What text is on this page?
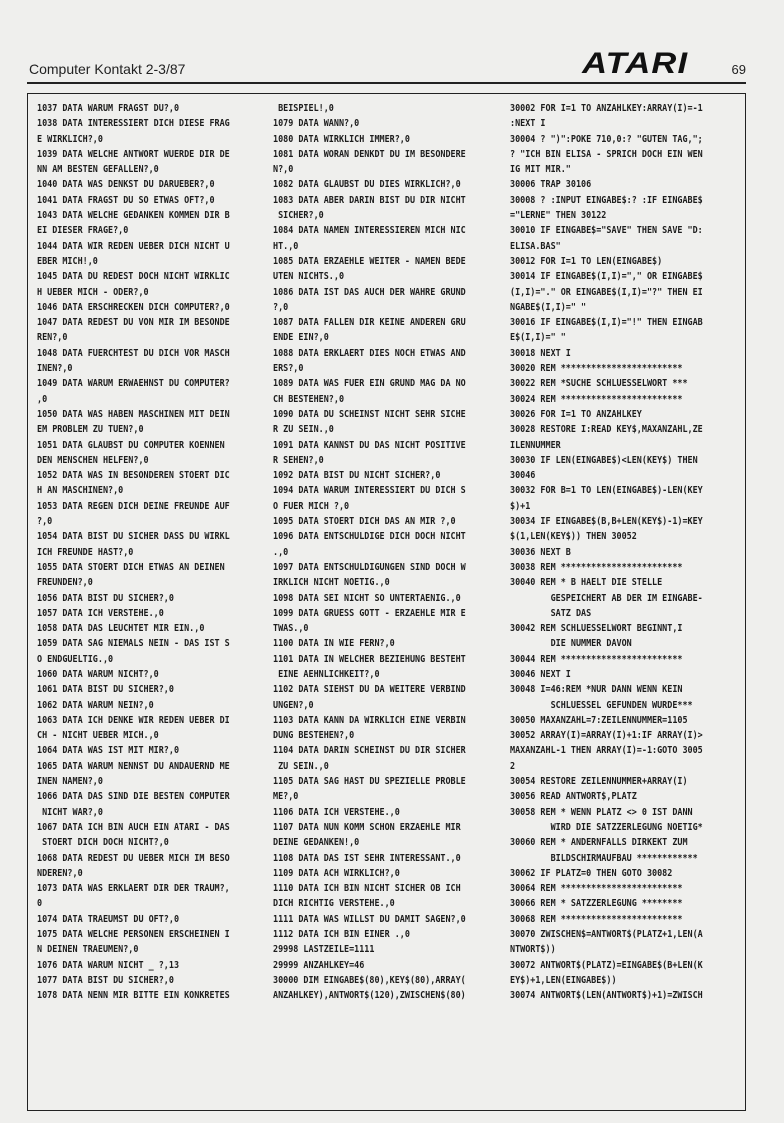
Computer Kontakt 2-3/87	ATARI	69
1037 DATA WARUM FRAGST DU?,0
1038 DATA INTERESSIERT DICH DIESE FRAG
E WIRKLICH?,0
1039 DATA WELCHE ANTWORT WUERDE DIR DE
NN AM BESTEN GEFALLEN?,0
1040 DATA WAS DENKST DU DARUEBER?,0
1041 DATA FRAGST DU SO ETWAS OFT?,0
1043 DATA WELCHE GEDANKEN KOMMEN DIR B
EI DIESER FRAGE?,0
1044 DATA WIR REDEN UEBER DICH NICHT U
EBER MICH!,0
1045 DATA DU REDEST DOCH NICHT WIRKLIC
H UEBER MICH - ODER?,0
1046 DATA ERSCHRECKEN DICH COMPUTER?,0
1047 DATA REDEST DU VON MIR IM BESONDE
REN?,0
1048 DATA FUERCHTEST DU DICH VOR MASCH
INEN?,0
1049 DATA WARUM ERWAEHNST DU COMPUTER?
,0
1050 DATA WAS HABEN MASCHINEN MIT DEIN
EM PROBLEM ZU TUEN?,0
1051 DATA GLAUBST DU COMPUTER KOENNEN
DEN MENSCHEN HELFEN?,0
1052 DATA WAS IN BESONDEREN STOERT DIC
H AN MASCHINEN?,0
1053 DATA REGEN DICH DEINE FREUNDE AUF
?,0
1054 DATA BIST DU SICHER DASS DU WIRKL
ICH FREUNDE HAST?,0
1055 DATA STOERT DICH ETWAS AN DEINEN
FREUNDEN?,0
1056 DATA BIST DU SICHER?,0
1057 DATA ICH VERSTEHE.,0
1058 DATA DAS LEUCHTET MIR EIN.,0
1059 DATA SAG NIEMALS NEIN - DAS IST S
O ENDGUELTIG.,0
1060 DATA WARUM NICHT?,0
1061 DATA BIST DU SICHER?,0
1062 DATA WARUM NEIN?,0
1063 DATA ICH DENKE WIR REDEN UEBER DI
CH - NICHT UEBER MICH.,0
1064 DATA WAS IST MIT MIR?,0
1065 DATA WARUM NENNST DU ANDAUERND ME
INEN NAMEN?,0
1066 DATA DAS SIND DIE BESTEN COMPUTER
NICHT WAR?,0
1067 DATA ICH BIN AUCH EIN ATARI - DAS
STOERT DICH DOCH NICHT?,0
1068 DATA REDEST DU UEBER MICH IM BESO
NDEREN?,0
1073 DATA WAS ERKLAERT DIR DER TRAUM?,
0
1074 DATA TRAEUMST DU OFT?,0
1075 DATA WELCHE PERSONEN ERSCHEINEN I
N DEINEN TRAEUMEN?,0
1076 DATA WARUM NICHT _ ?,13
1077 DATA BIST DU SICHER?,0
1078 DATA NENN MIR BITTE EIN KONKRETES
BEISPIEL!,0
1079 DATA WANN?,0
1080 DATA WIRKLICH IMMER?,0
1081 DATA WORAN DENKDT DU IM BESONDERE
N?,0
1082 DATA GLAUBST DU DIES WIRKLICH?,0
1083 DATA ABER DARIN BIST DU DIR NICHT
SICHER?,0
1084 DATA NAMEN INTERESSIEREN MICH NIC
HT.,0
1085 DATA ERZAEHLE WEITER - NAMEN BEDE
UTEN NICHTS.,0
1086 DATA IST DAS AUCH DER WAHRE GRUND
?,0
1087 DATA FALLEN DIR KEINE ANDEREN GRU
ENDE EIN?,0
1088 DATA ERKLAERT DIES NOCH ETWAS AND
ERS?,0
1089 DATA WAS FUER EIN GRUND MAG DA NO
CH BESTEHEN?,0
1090 DATA DU SCHEINST NICHT SEHR SICHE
R ZU SEIN.,0
1091 DATA KANNST DU DAS NICHT POSITIVE
R SEHEN?,0
1092 DATA BIST DU NICHT SICHER?,0
1094 DATA WARUM INTERESSIERT DU DICH S
O FUER MICH ?,0
1095 DATA STOERT DICH DAS AN MIR ?,0
1096 DATA ENTSCHULDIGE DICH DOCH NICHT
.,0
1097 DATA ENTSCHULDIGUNGEN SIND DOCH W
IRKLICH NICHT NOETIG.,0
1098 DATA SEI NICHT SO UNTERTAENIG.,0
1099 DATA GRUESS GOTT - ERZAEHLE MIR E
TWAS.,0
1100 DATA IN WIE FERN?,0
1101 DATA IN WELCHER BEZIEHUNG BESTEHT
EINE AEHNLICHKEIT?,0
1102 DATA SIEHST DU DA WEITERE VERBIND
UNGEN?,0
1103 DATA KANN DA WIRKLICH EINE VERBIN
DUNG BESTEHEN?,0
1104 DATA DARIN SCHEINST DU DIR SICHER
ZU SEIN.,0
1105 DATA SAG HAST DU SPEZIELLE PROBLE
ME?,0
1106 DATA ICH VERSTEHE.,0
1107 DATA NUN KOMM SCHON ERZAEHLE MIR
DEINE GEDANKEN!,0
1108 DATA DAS IST SEHR INTERESSANT.,0
1109 DATA ACH WIRKLICH?,0
1110 DATA ICH BIN NICHT SICHER OB ICH
DICH RICHTIG VERSTEHE.,0
1111 DATA WAS WILLST DU DAMIT SAGEN?,0
1112 DATA ICH BIN EINER .,0
29998 LASTZEILE=1111
29999 ANZAHLKEY=46
30000 DIM EINGABE$(80),KEY$(80),ARRAY(
ANZAHLKEY),ANTWORT$(120),ZWISCHEN$(80)
30002 FOR I=1 TO ANZAHLKEY:ARRAY(I)=-1
:NEXT I
30004 ? ")":POKE 710,0:? "GUTEN TAG,";
? "ICH BIN ELISA - SPRICH DOCH EIN WEN
IG MIT MIR."
30006 TRAP 30106
30008 ? :INPUT EINGABE$:? :IF EINGABE$
="LERNE" THEN 30122
30010 IF EINGABE$="SAVE" THEN SAVE "D:
ELISA.BAS"
30012 FOR I=1 TO LEN(EINGABE$)
30014 IF EINGABE$(I,I)="," OR EINGABE$
(I,I)="." OR EINGABE$(I,I)="?" THEN EI
NGABE$(I,I)=" "
30016 IF EINGABE$(I,I)="!" THEN EINGAB
E$(I,I)=" "
30018 NEXT I
30020 REM ************************
30022 REM *SUCHE SCHLUESSELWORT ***
30024 REM ************************
30026 FOR I=1 TO ANZAHLKEY
30028 RESTORE I:READ KEY$,MAXANZAHL,ZE
ILENNUMMER
30030 IF LEN(EINGABE$)<LEN(KEY$) THEN
30046
30032 FOR B=1 TO LEN(EINGABE$)-LEN(KEY
$)+1
30034 IF EINGABE$(B,B+LEN(KEY$)-1)=KEY
$(1,LEN(KEY$)) THEN 30052
30036 NEXT B
30038 REM ************************
30040 REM * B HAELT DIE STELLE
GESPEICHERT AB DER IM EINGABE-
SATZ DAS
30042 REM SCHLUESSELWORT BEGINNT,I
DIE NUMMER DAVON
30044 REM ************************
30046 NEXT I
30048 I=46:REM *NUR DANN WENN KEIN
SCHLUESSEL GEFUNDEN WURDE***
30050 MAXANZAHL=7:ZEILENNUMMER=1105
30052 ARRAY(I)=ARRAY(I)+1:IF ARRAY(I)>
MAXANZAHL-1 THEN ARRAY(I)=-1:GOTO 3005
2
30054 RESTORE ZEILENNUMMER+ARRAY(I)
30056 READ ANTWORT$,PLATZ
30058 REM * WENN PLATZ <> 0 IST DANN
WIRD DIE SATZZERLEGUNG NOETIG*
30060 REM * ANDERNFALLS DIRKEKT ZUM
BILDSCHIRMAUFBAU ************
30062 IF PLATZ=0 THEN GOTO 30082
30064 REM ************************
30066 REM * SATZZERLEGUNG ********
30068 REM ************************
30070 ZWISCHEN$=ANTWORT$(PLATZ+1,LEN(A
NTWORT$))
30072 ANTWORT$(PLATZ)=EINGABE$(B+LEN(K
EY$)+1,LEN(EINGABE$))
30074 ANTWORT$(LEN(ANTWORT$)+1)=ZWISCH
